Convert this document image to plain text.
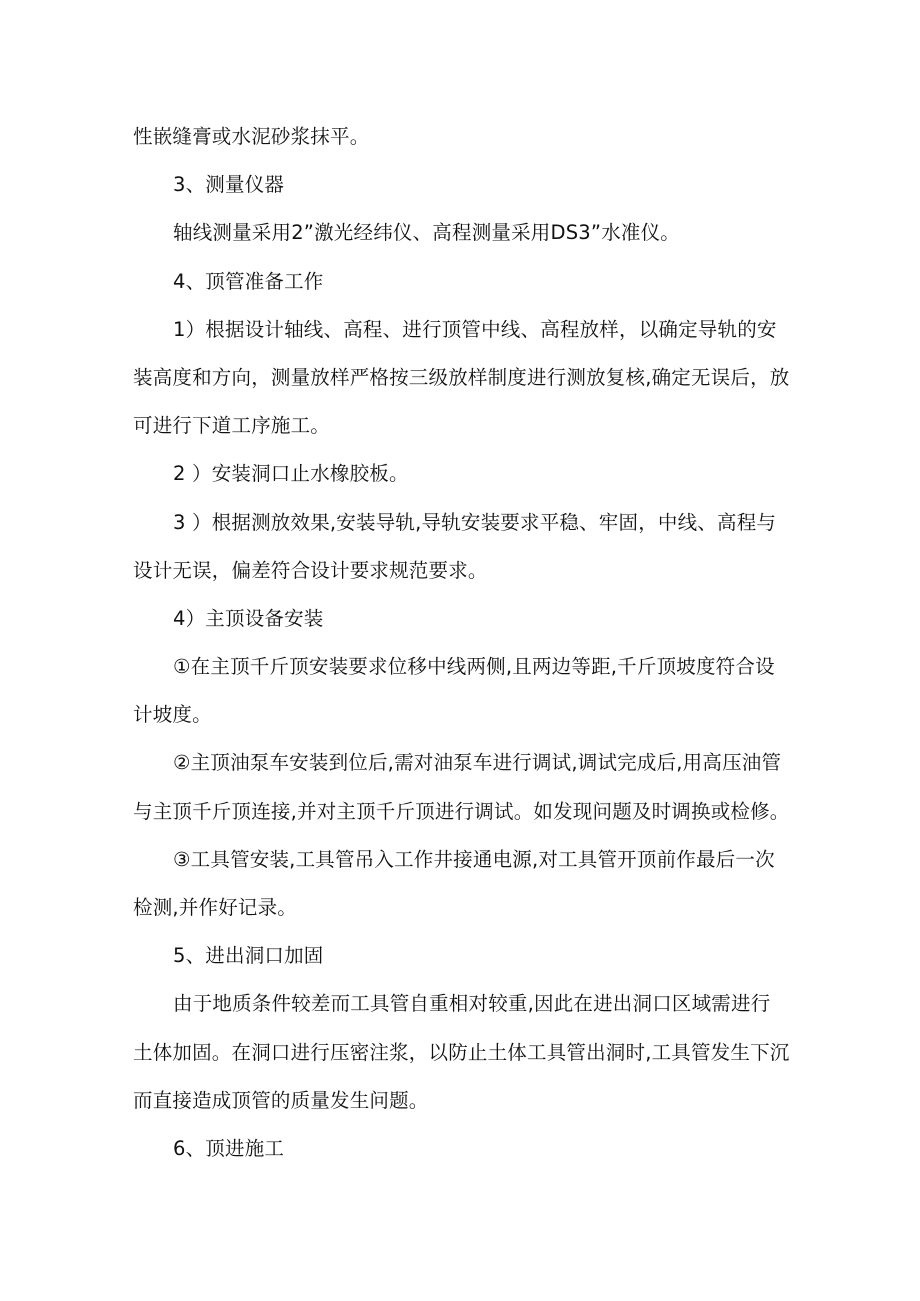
性嵌缝膏或水泥砂浆抹平。
3、测量仪器
轴线测量采用2”激光经纬仪、高程测量采用DS3”水准仪。
4、顶管准备工作
1）根据设计轴线、高程、进行顶管中线、高程放样，以确定导轨的安
装高度和方向，测量放样严格按三级放样制度进行测放复核,确定无误后，放
可进行下道工序施工。
2 ）安装洞口止水橡胶板。
3 ）根据测放效果,安装导轨,导轨安装要求平稳、牢固，中线、高程与
设计无误，偏差符合设计要求规范要求。
4）主顶设备安装
①在主顶千斤顶安装要求位移中线两侧,且两边等距,千斤顶坡度符合设
计坡度。
②主顶油泵车安装到位后,需对油泵车进行调试,调试完成后,用高压油管
与主顶千斤顶连接,并对主顶千斤顶进行调试。如发现问题及时调换或检修。
③工具管安装,工具管吊入工作井接通电源,对工具管开顶前作最后一次
检测,并作好记录。
5、进出洞口加固
由于地质条件较差而工具管自重相对较重,因此在进出洞口区域需进行
土体加固。在洞口进行压密注浆，以防止土体工具管出洞时,工具管发生下沉
而直接造成顶管的质量发生问题。
6、顶进施工
